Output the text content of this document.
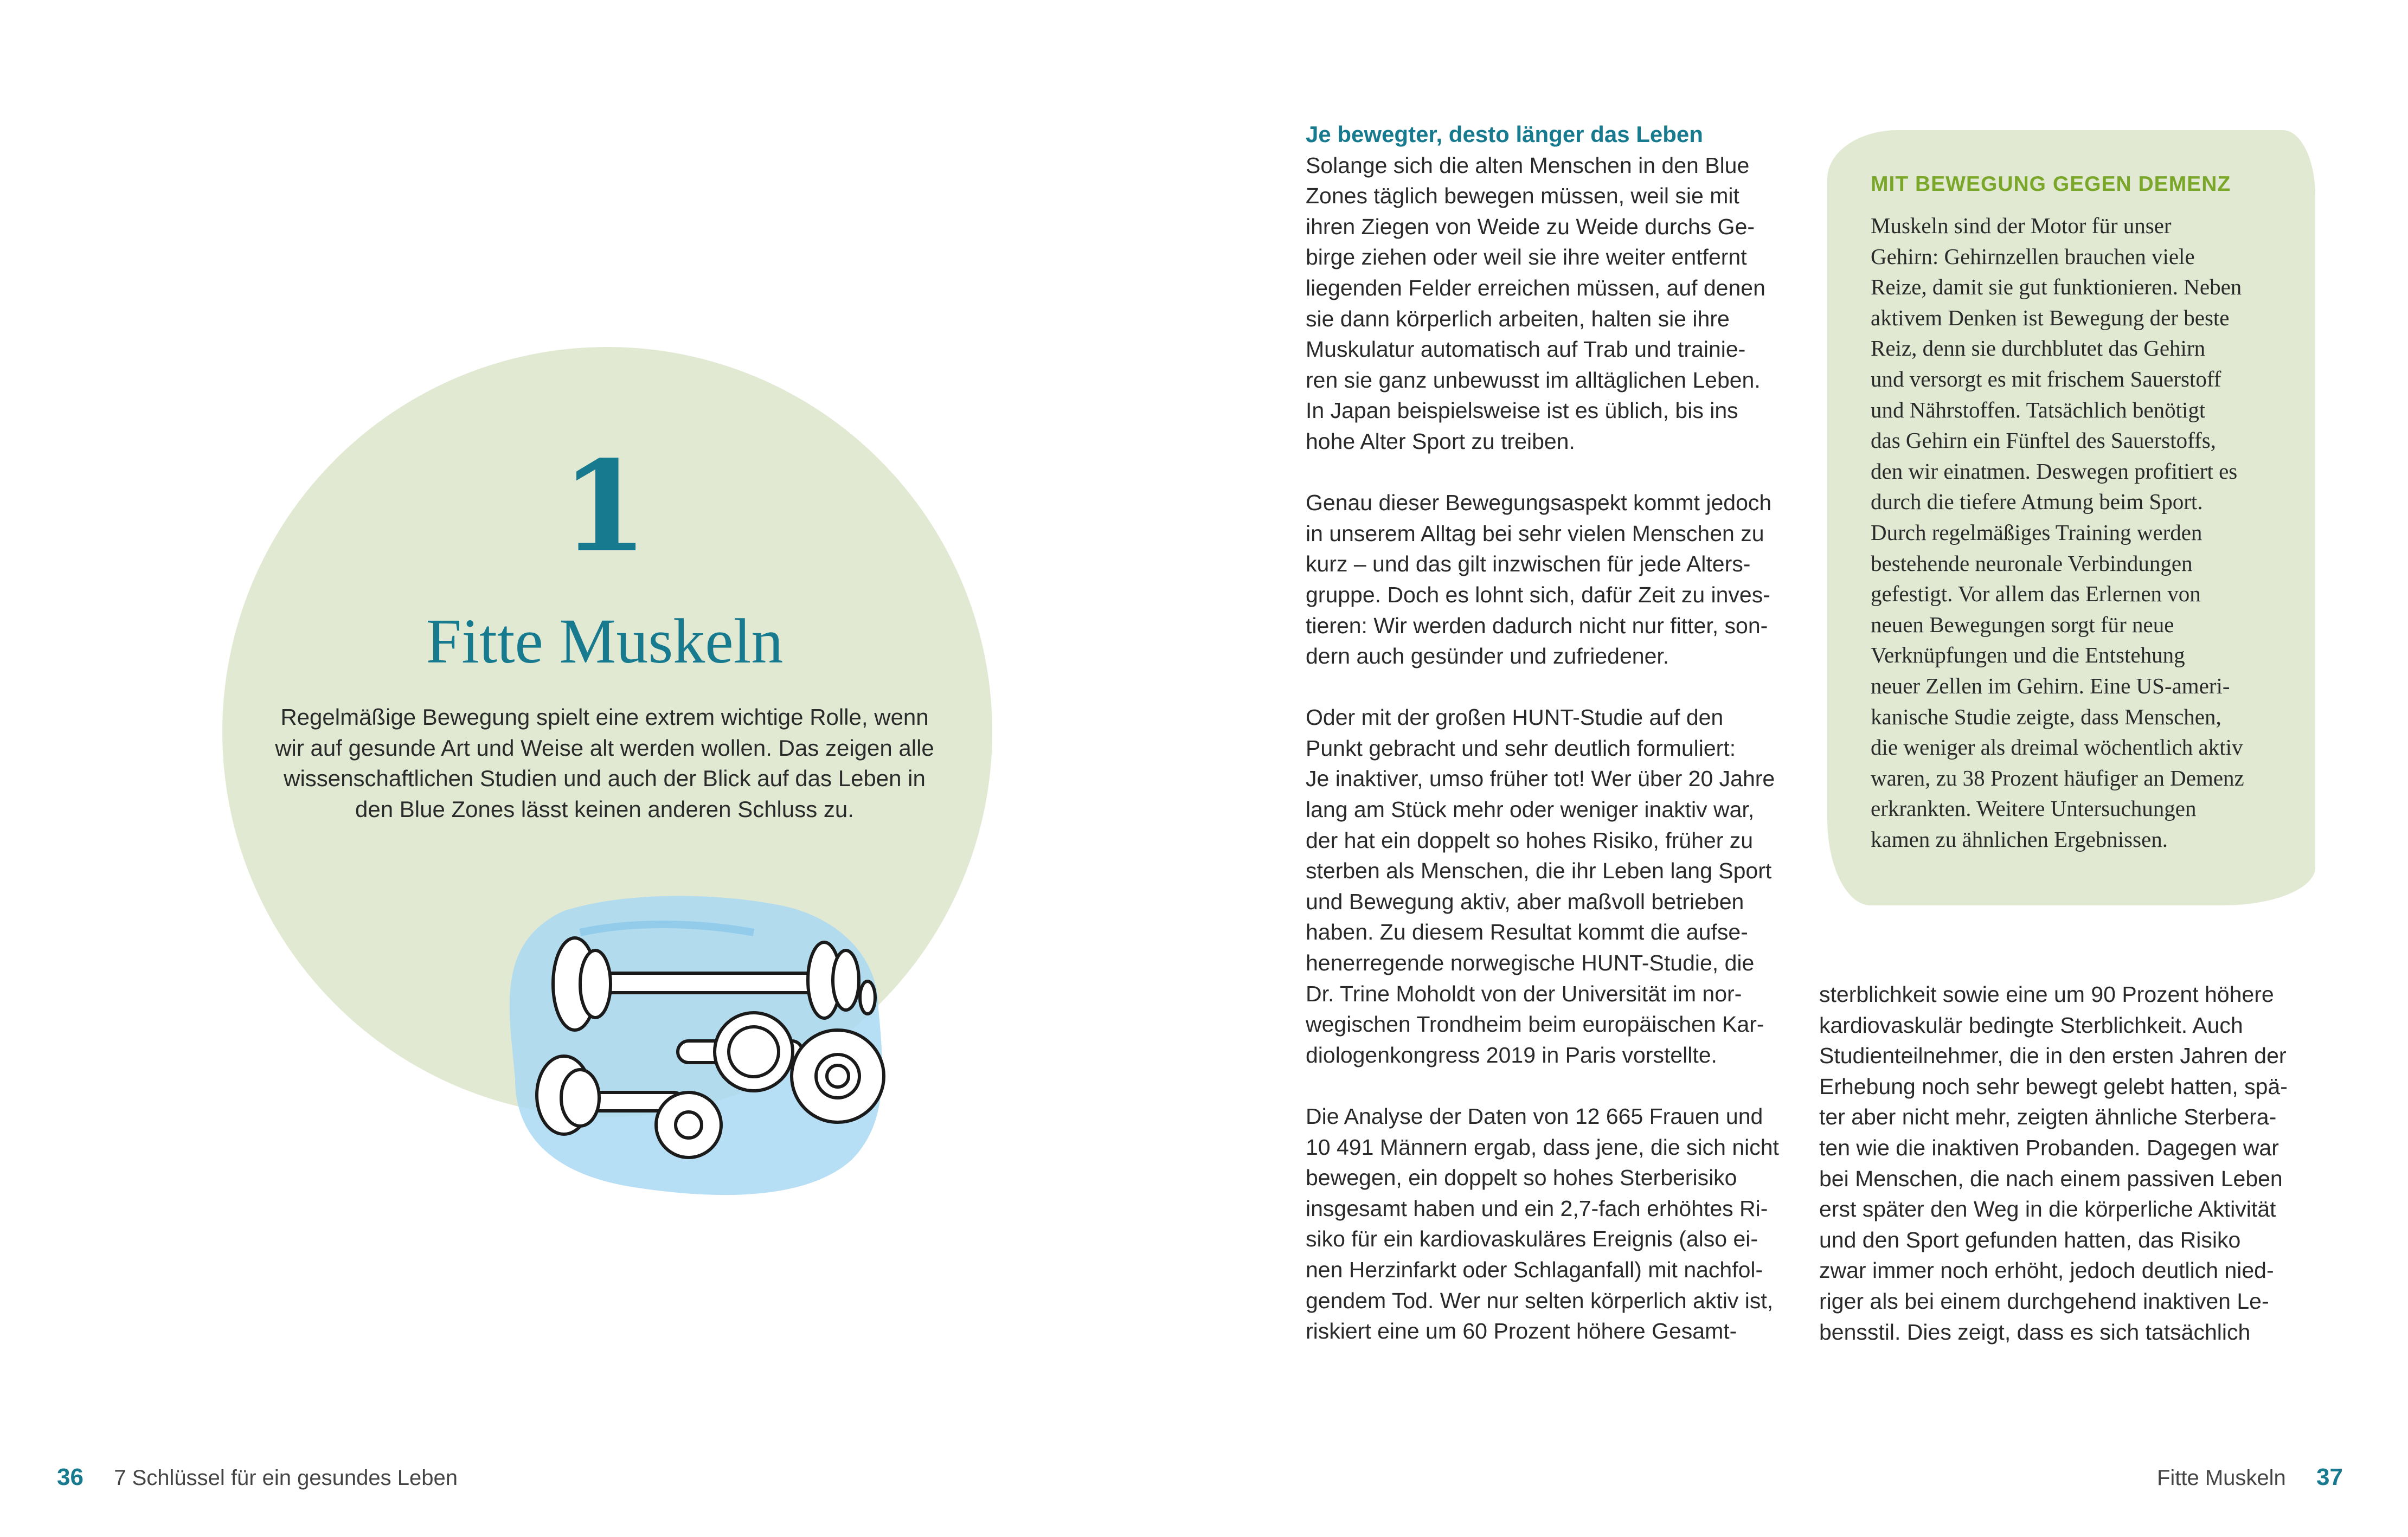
1
Fitte Muskeln
Regelmäßige Bewegung spielt eine extrem wichtige Rolle, wenn
wir auf gesunde Art und Weise alt werden wollen. Das zeigen alle
wissenschaftlichen Studien und auch der Blick auf das Leben in
den Blue Zones lässt keinen anderen Schluss zu.
Je bewegter, desto länger das Leben
Solange sich die alten Menschen in den Blue
Zones täglich bewegen müssen, weil sie mit
ihren Ziegen von Weide zu Weide durchs Ge-
birge ziehen oder weil sie ihre weiter entfernt
liegenden Felder erreichen müssen, auf denen
sie dann körperlich arbeiten, halten sie ihre
Muskulatur automatisch auf Trab und trainie-
ren sie ganz unbewusst im alltäglichen Leben.
In Japan beispielsweise ist es üblich, bis ins
hohe Alter Sport zu treiben.
Genau dieser Bewegungsaspekt kommt jedoch
in unserem Alltag bei sehr vielen Menschen zu
kurz – und das gilt inzwischen für jede Alters-
gruppe. Doch es lohnt sich, dafür Zeit zu inves-
tieren: Wir werden dadurch nicht nur fitter, son-
dern auch gesünder und zufriedener.
Oder mit der großen HUNT-Studie auf den
Punkt gebracht und sehr deutlich formuliert:
Je inaktiver, umso früher tot! Wer über 20 Jahre
lang am Stück mehr oder weniger inaktiv war,
der hat ein doppelt so hohes Risiko, früher zu
sterben als Menschen, die ihr Leben lang Sport
und Bewegung aktiv, aber maßvoll betrieben
haben. Zu diesem Resultat kommt die aufse-
henerregende norwegische HUNT-Studie, die
Dr. Trine Moholdt von der Universität im nor-
wegischen Trondheim beim europäischen Kar-
diologenkongress 2019 in Paris vorstellte.
Die Analyse der Daten von 12 665 Frauen und
10 491 Männern ergab, dass jene, die sich nicht
bewegen, ein doppelt so hohes Sterberisiko
insgesamt haben und ein 2,7-fach erhöhtes Ri-
siko für ein kardiovaskuläres Ereignis (also ei-
nen Herzinfarkt oder Schlaganfall) mit nachfol-
gendem Tod. Wer nur selten körperlich aktiv ist,
riskiert eine um 60 Prozent höhere Gesamt-
MIT BEWEGUNG GEGEN DEMENZ
Muskeln sind der Motor für unser
Gehirn: Gehirnzellen brauchen viele
Reize, damit sie gut funktionieren. Neben
aktivem Denken ist Bewegung der beste
Reiz, denn sie durchblutet das Gehirn
und versorgt es mit frischem Sauerstoff
und Nährstoffen. Tatsächlich benötigt
das Gehirn ein Fünftel des Sauerstoffs,
den wir einatmen. Deswegen profitiert es
durch die tiefere Atmung beim Sport.
Durch regelmäßiges Training werden
bestehende neuronale Verbindungen
gefestigt. Vor allem das Erlernen von
neuen Bewegungen sorgt für neue
Verknüpfungen und die Entstehung
neuer Zellen im Gehirn. Eine US-ameri-
kanische Studie zeigte, dass Menschen,
die weniger als dreimal wöchentlich aktiv
waren, zu 38 Prozent häufiger an Demenz
erkrankten. Weitere Untersuchungen
kamen zu ähnlichen Ergebnissen.
sterblichkeit sowie eine um 90 Prozent höhere
kardiovaskulär bedingte Sterblichkeit. Auch
Studienteilnehmer, die in den ersten Jahren der
Erhebung noch sehr bewegt gelebt hatten, spä-
ter aber nicht mehr, zeigten ähnliche Sterbera-
ten wie die inaktiven Probanden. Dagegen war
bei Menschen, die nach einem passiven Leben
erst später den Weg in die körperliche Aktivität
und den Sport gefunden hatten, das Risiko
zwar immer noch erhöht, jedoch deutlich nied-
riger als bei einem durchgehend inaktiven Le-
bensstil. Dies zeigt, dass es sich tatsächlich
36 7 Schlüssel für ein gesundes Leben	Fitte Muskeln 37
